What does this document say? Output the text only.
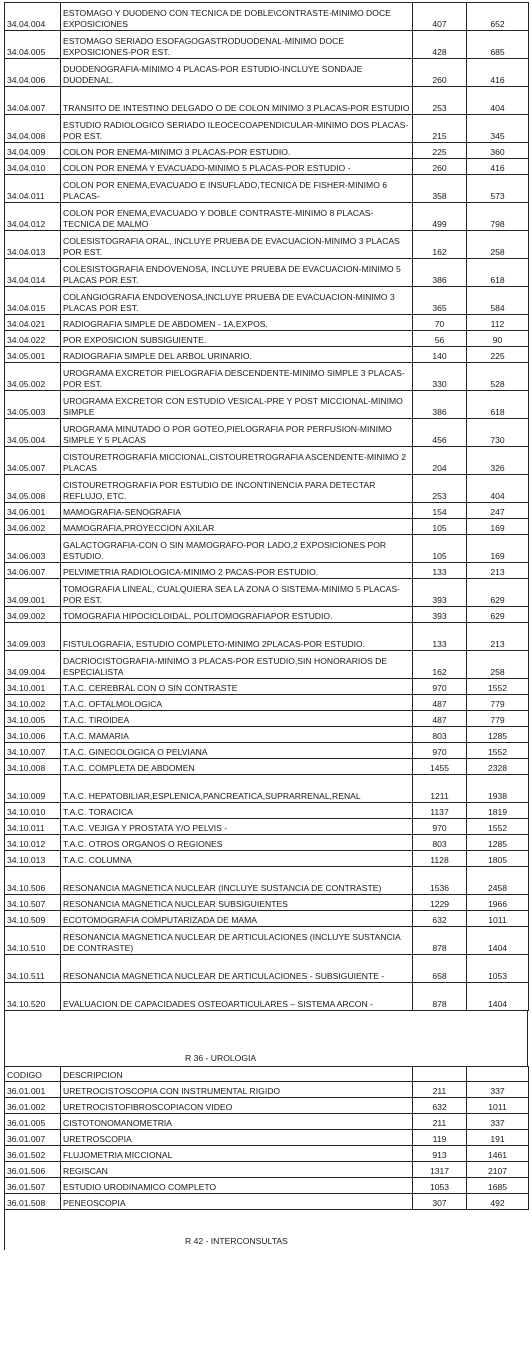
34.04.004	ESTOMAGO Y DUODENO CON TECNICA DE DOBLE\CONTRASTE-MINIMO DOCE EXPOSICIONES	407	652
34.04.005	ESTOMAGO SERIADO ESOFAGOGASTRODUODENAL-MINIMO DOCE EXPOSICIONES-POR EST.	428	685
34.04.006	DUODENOGRAFIA-MINIMO 4 PLACAS-POR ESTUDIO-INCLUYE SONDAJE DUODENAL.	260	416
34.04.007	TRANSITO DE INTESTINO DELGADO O DE COLON MINIMO 3 PLACAS-POR ESTUDIO	253	404
34.04.008	ESTUDIO RADIOLOGICO SERIADO ILEOCECOAPENDICULAR-MINIMO DOS PLACAS-POR EST.	215	345
34.04.009	COLON POR ENEMA-MINIMO 3 PLACAS-POR ESTUDIO.	225	360
34.04.010	COLON POR ENEMA Y EVACUADO-MINIMO 5 PLACAS-POR ESTUDIO -	260	416
34.04.011	COLON POR ENEMA,EVACUADO E INSUFLADO,TECNICA DE FISHER-MINIMO 6 PLACAS-	358	573
34.04.012	COLON POR ENEMA,EVACUADO Y DOBLE CONTRASTE-MINIMO 8 PLACAS-TECNICA DE MALMO	499	798
34.04.013	COLESISTOGRAFIA ORAL, INCLUYE PRUEBA DE EVACUACION-MINIMO 3 PLACAS POR EST.	162	258
34.04.014	COLESISTOGRAFIA ENDOVENOSA, INCLUYE PRUEBA DE EVACUACION-MINIMO 5 PLACAS POR EST.	386	618
34.04.015	COLANGIOGRAFIA ENDOVENOSA,INCLUYE PRUEBA DE EVACUACION-MINIMO 3 PLACAS POR EST.	365	584
34.04.021	RADIOGRAFIA SIMPLE DE ABDOMEN - 1A.EXPOS.	70	112
34.04.022	POR EXPOSICION SUBSIGUIENTE.	56	90
34.05.001	RADIOGRAFIA SIMPLE DEL ARBOL URINARIO.	140	225
34.05.002	UROGRAMA EXCRETOR PIELOGRAFIA DESCENDENTE-MINIMO SIMPLE 3 PLACAS-POR EST.	330	528
34.05.003	UROGRAMA EXCRETOR CON ESTUDIO VESICAL-PRE Y POST MICCIONAL-MINIMO SIMPLE	386	618
34.05.004	UROGRAMA MINUTADO O POR GOTEO,PIELOGRAFIA POR PERFUSION-MINIMO SIMPLE Y 5 PLACAS	456	730
34.05.007	CISTOURETROGRAFIA MICCIONAL,CISTOURETROGRAFIA ASCENDENTE-MINIMO 2 PLACAS	204	326
34.05.008	CISTOURETROGRAFIA POR ESTUDIO DE INCONTINENCIA PARA DETECTAR REFLUJO, ETC.	253	404
34.06.001	MAMOGRAFIA-SENOGRAFIA	154	247
34.06.002	MAMOGRAFIA,PROYECCION AXILAR	105	169
34.06.003	GALACTOGRAFIA-CON O SIN MAMOGRAFO-POR LADO,2 EXPOSICIONES POR ESTUDIO.	105	169
34.06.007	PELVIMETRIA RADIOLOGICA-MINIMO 2 PACAS-POR ESTUDIO.	133	213
34.09.001	TOMOGRAFIA LINEAL, CUALQUIERA SEA LA ZONA O SISTEMA-MINIMO 5 PLACAS-POR EST.	393	629
34.09.002	TOMOGRAFIA HIPOCICLOIDAL, POLITOMOGRAFIAPOR ESTUDIO.	393	629
34.09.003	FISTULOGRAFIA, ESTUDIO COMPLETO-MINIMO 2PLACAS-POR ESTUDIO.	133	213
34.09.004	DACRIOCISTOGRAFIA-MINIMO 3 PLACAS-POR ESTUDIO,SIN HONORARIOS DE ESPECIALISTA	162	258
34.10.001	T.A.C. CEREBRAL CON O SIN CONTRASTE	970	1552
34.10.002	T.A.C. OFTALMOLOGICA	487	779
34.10.005	T.A.C. TIROIDEA	487	779
34.10.006	T.A.C. MAMARIA	803	1285
34.10.007	T.A.C. GINECOLOGICA O PELVIANA	970	1552
34.10.008	T.A.C. COMPLETA DE ABDOMEN	1455	2328
34.10.009	T.A.C. HEPATOBILIAR,ESPLENICA,PANCREATICA,SUPRARRENAL,RENAL	1211	1938
34.10.010	T.A.C. TORACICA	1137	1819
34.10.011	T.A.C. VEJIGA Y PROSTATA Y/O PELVIS -	970	1552
34.10.012	T.A.C. OTROS ORGANOS O REGIONES	803	1285
34.10.013	T.A.C. COLUMNA	1128	1805
34.10.506	RESONANCIA MAGNETICA NUCLEAR (INCLUYE SUSTANCIA DE CONTRASTE)	1536	2458
34.10.507	RESONANCIA MAGNETICA NUCLEAR SUBSIGUIENTES	1229	1966
34.10.509	ECOTOMOGRAFIA COMPUTARIZADA DE MAMA	632	1011
34.10.510	RESONANCIA MAGNETICA NUCLEAR DE ARTICULACIONES (INCLUYE SUSTANCIA DE CONTRASTE)	878	1404
34.10.511	RESONANCIA MAGNETICA NUCLEAR DE ARTICULACIONES - SUBSIGUIENTE -	658	1053
34.10.520	EVALUACION DE CAPACIDADES OSTEOARTICULARES – SISTEMA ARCON -	878	1404
R 36 - UROLOGIA
CODIGO	DESCRIPCION		
36.01.001	URETROCISTOSCOPIA CON INSTRUMENTAL RIGIDO	211	337
36.01.002	URETROCISTOFIBROSCOPIACON VIDEO	632	1011
36.01.005	CISTOTONOMANOMETRIA	211	337
36.01.007	URETROSCOPIA	119	191
36.01.502	FLUJOMETRIA MICCIONAL	913	1461
36.01.506	REGISCAN	1317	2107
36.01.507	ESTUDIO URODINAMICO COMPLETO	1053	1685
36.01.508	PENEOSCOPIA	307	492
R 42 - INTERCONSULTAS
